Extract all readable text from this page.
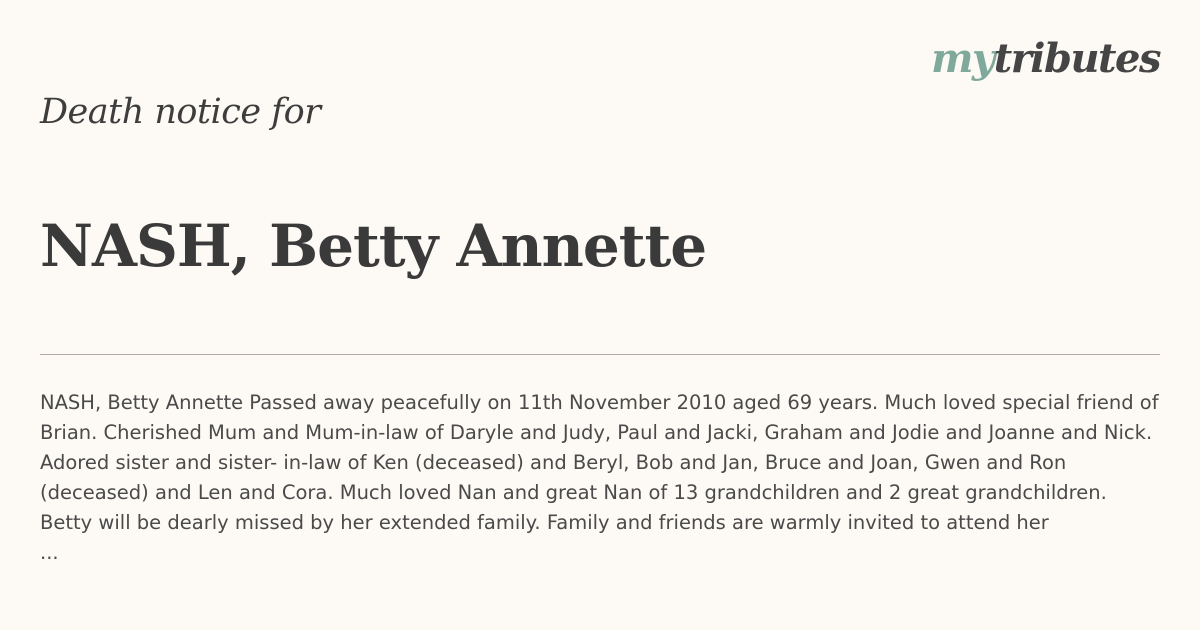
mytributes
Death notice for
NASH, Betty Annette
NASH, Betty Annette Passed away peacefully on 11th November 2010 aged 69 years. Much loved special friend of
Brian. Cherished Mum and Mum-in-law of Daryle and Judy, Paul and Jacki, Graham and Jodie and Joanne and Nick.
Adored sister and sister- in-law of Ken (deceased) and Beryl, Bob and Jan, Bruce and Joan, Gwen and Ron
(deceased) and Len and Cora. Much loved Nan and great Nan of 13 grandchildren and 2 great grandchildren.
Betty will be dearly missed by her extended family. Family and friends are warmly invited to attend her
...
